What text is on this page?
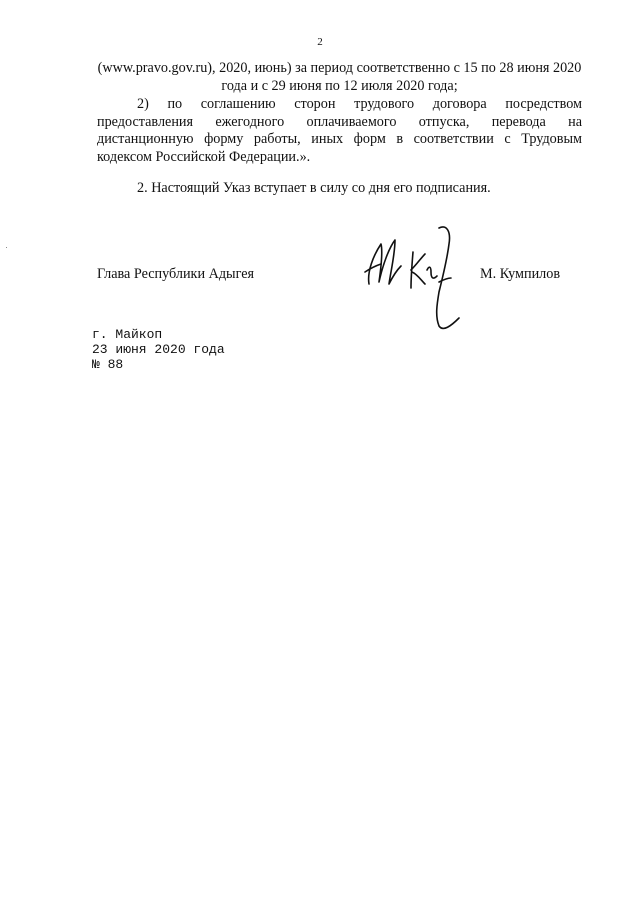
2
(www.pravo.gov.ru), 2020, июнь) за период соответственно с 15 по 28 июня 2020 года и с 29 июня по 12 июля 2020 года;
2) по соглашению сторон трудового договора посредством предоставления ежегодного оплачиваемого отпуска, перевода на дистанционную форму работы, иных форм в соответствии с Трудовым кодексом Российской Федерации.».
2. Настоящий Указ вступает в силу со дня его подписания.
Глава Республики Адыгея	М. Кумпилов
г. Майкоп
23 июня 2020 года
№ 88
